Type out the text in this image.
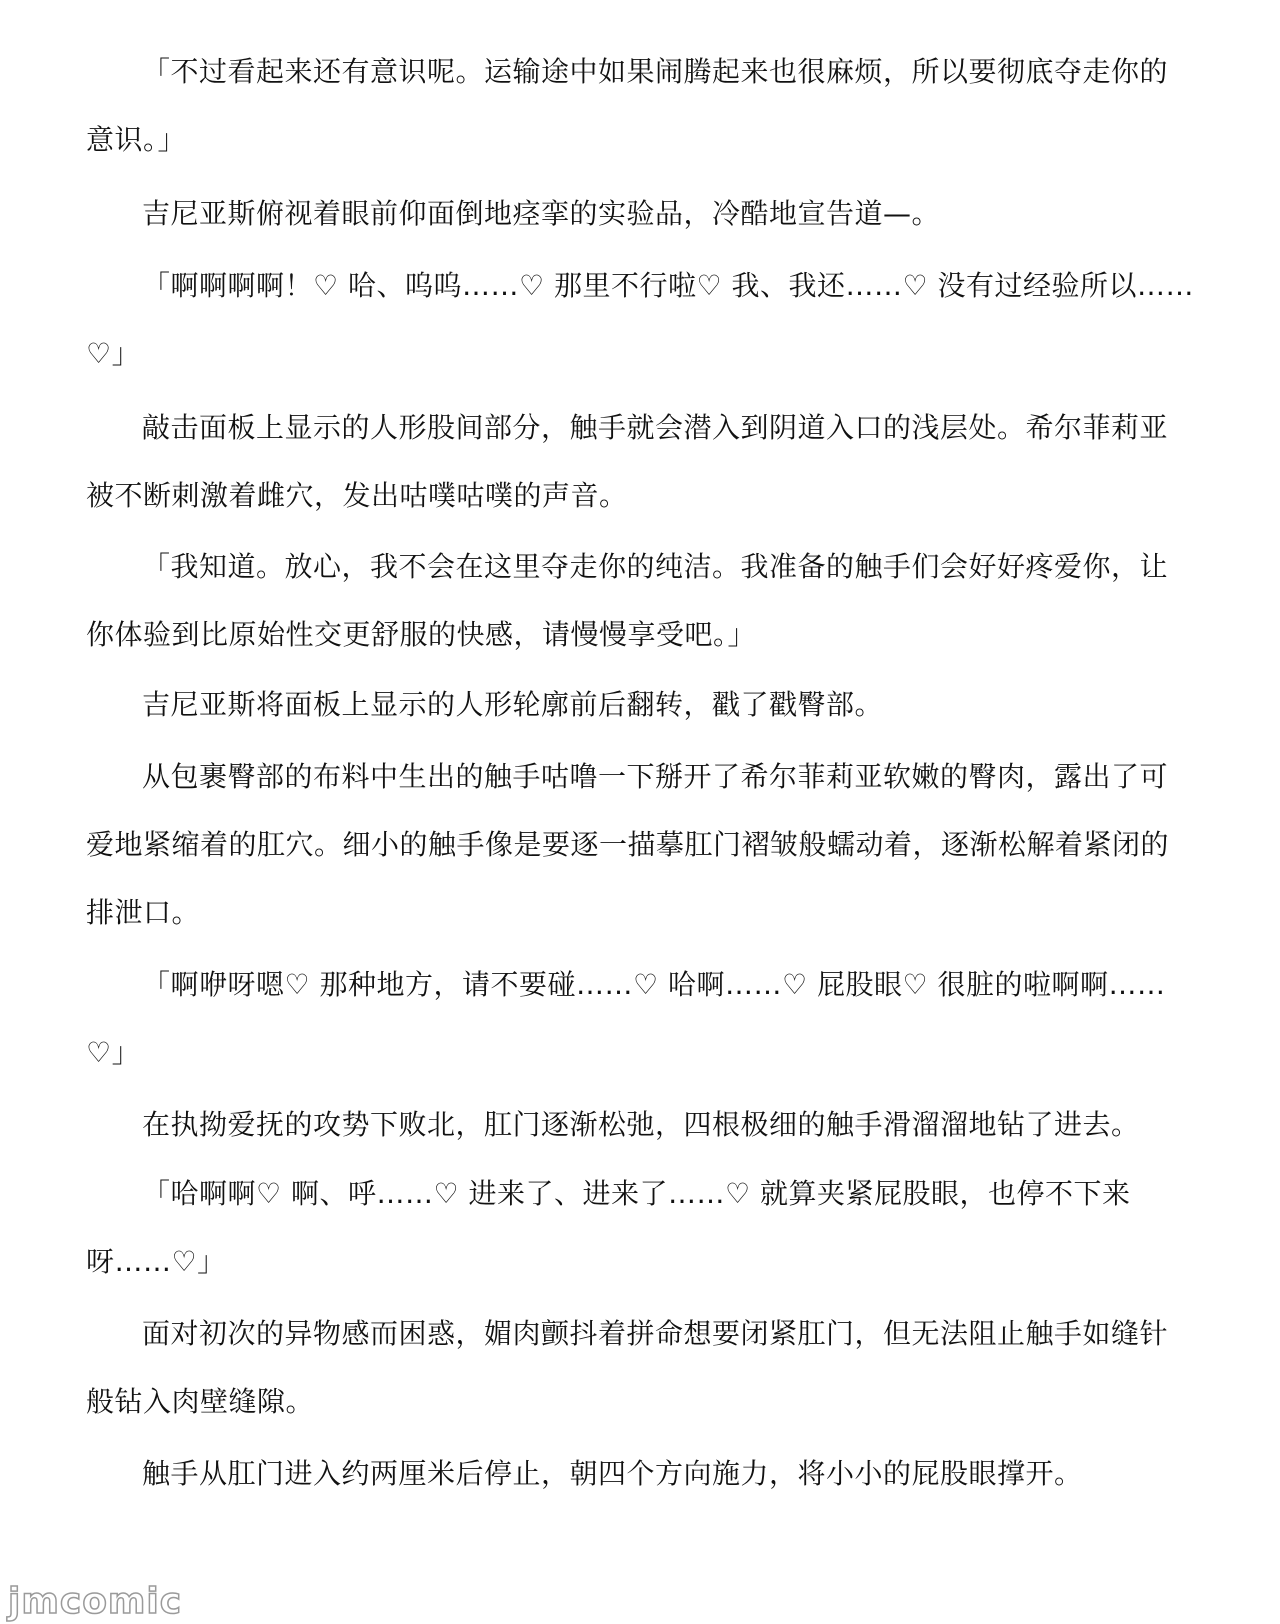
「不过看起来还有意识呢。运输途中如果闹腾起来也很麻烦，所以要彻底夺走你的意识。」

吉尼亚斯俯视着眼前仰面倒地痉挛的实验品，冷酷地宣告道—。

「啊啊啊啊！♡ 哈、呜呜……♡ 那里不行啦♡ 我、我还……♡ 没有过经验所以……♡」

敲击面板上显示的人形股间部分，触手就会潜入到阴道入口的浅层处。希尔菲莉亚被不断刺激着雌穴，发出咕噗咕噗的声音。

「我知道。放心，我不会在这里夺走你的纯洁。我准备的触手们会好好疼爱你，让你体验到比原始性交更舒服的快感，请慢慢享受吧。」

吉尼亚斯将面板上显示的人形轮廓前后翻转，戳了戳臀部。

从包裹臀部的布料中生出的触手咕噜一下掰开了希尔菲莉亚软嫩的臀肉，露出了可爱地紧缩着的肛穴。细小的触手像是要逐一描摹肛门褶皱般蠕动着，逐渐松解着紧闭的排泄口。

「啊咿呀嗯♡ 那种地方，请不要碰……♡ 哈啊……♡ 屁股眼♡ 很脏的啦啊啊……♡」

在执拗爱抚的攻势下败北，肛门逐渐松弛，四根极细的触手滑溜溜地钻了进去。

「哈啊啊♡ 啊、呼……♡ 进来了、进来了……♡ 就算夹紧屁股眼，也停不下来呀……♡」

面对初次的异物感而困惑，媚肉颤抖着拼命想要闭紧肛门，但无法阻止触手如缝针般钻入肉壁缝隙。

触手从肛门进入约两厘米后停止，朝四个方向施力，将小小的屁股眼撑开。

jmcomic
